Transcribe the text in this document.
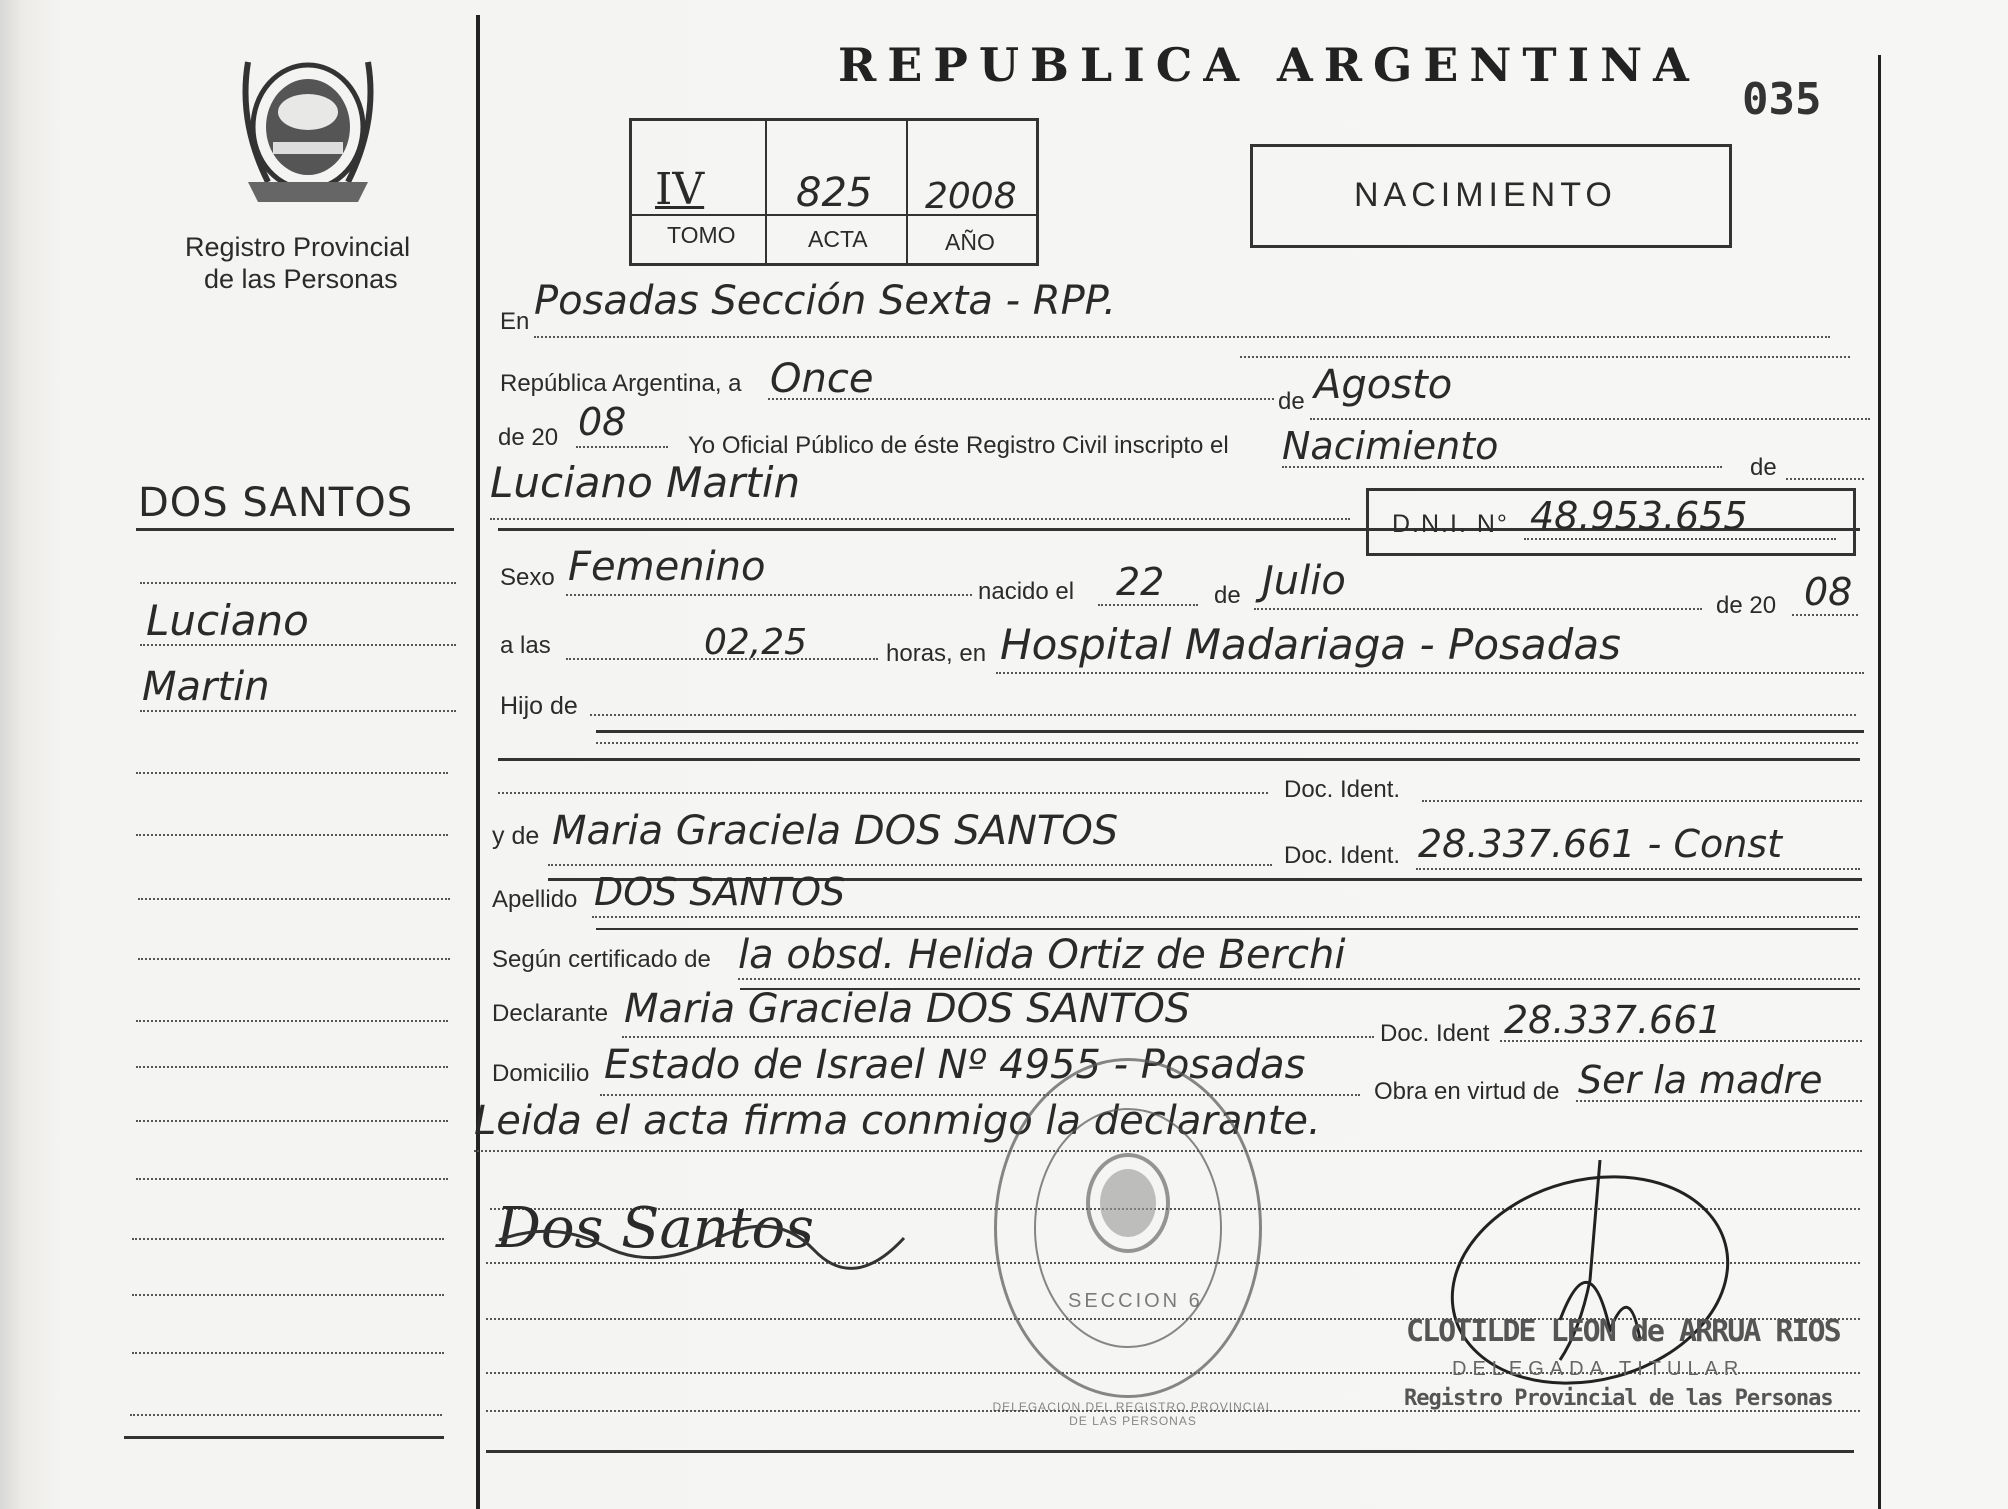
Registro Provincial
de las Personas
REPUBLICA ARGENTINA
035
IV 825 2008
TOMO	ACTA	AÑO
NACIMIENTO
DOS SANTOS
Luciano
Martin
En Posadas Sección Sexta - RPP.
República Argentina, a Once	de Agosto
de 20 08
Yo Oficial Público de éste Registro Civil inscripto el Nacimiento	de
Luciano Martin
D.N.I. N° 48.953.655
Sexo Femenino
nacido el 22 de Julio
de 20 08
a las	02,25	horas, en Hospital Madariaga - Posadas
Hijo de
Doc. Ident.
y de Maria Graciela DOS SANTOS
Doc. Ident. 28.337.661 - Const
Apellido DOS SANTOS
Según certificado de la obsd. Helida Ortiz de Berchi
Declarante Maria Graciela DOS SANTOS
Doc. Ident 28.337.661
Domicilio Estado de Israel Nº 4955 - Posadas
Obra en virtud de Ser la madre
Leida el acta firma conmigo la declarante.
Dos Santos
SECCION 6
DELEGACION DEL REGISTRO PROVINCIAL DE LAS PERSONAS
CLOTILDE LEON de ARRUA RIOS
DELEGADA TITULAR
Registro Provincial de las Personas
